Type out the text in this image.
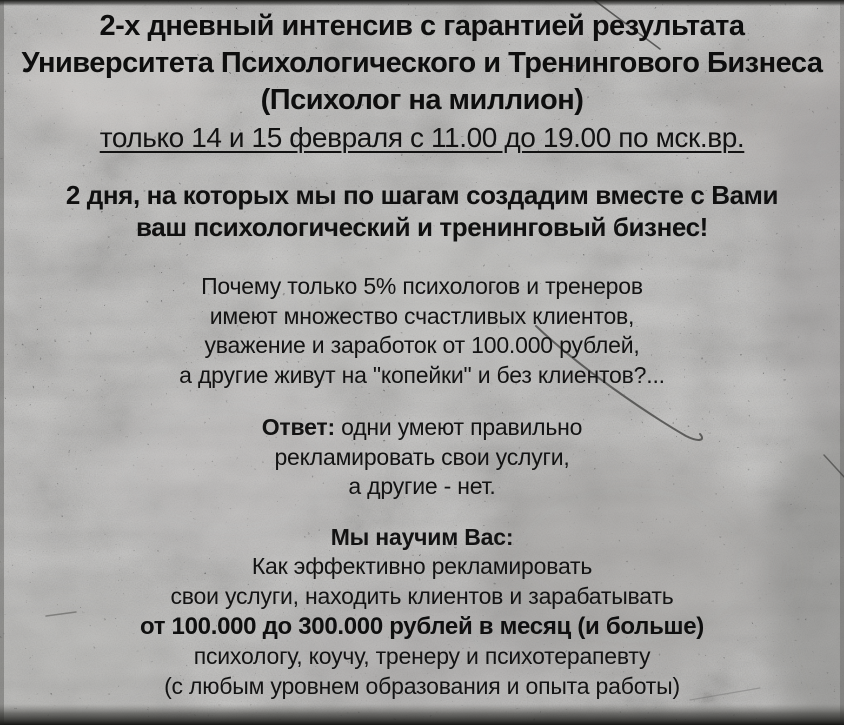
2-х дневный интенсив с гарантией результата
Университета Психологического и Тренингового Бизнеса
(Психолог на миллион)
только 14 и 15 февраля с 11.00 до 19.00 по мск.вр.
2 дня, на которых мы по шагам создадим вместе с Вами
ваш психологический и тренинговый бизнес!
Почему только 5% психологов и тренеров
имеют множество счастливых клиентов,
уважение и заработок от 100.000 рублей,
а другие живут на "копейки" и без клиентов?...
Ответ: одни умеют правильно
рекламировать свои услуги,
а другие - нет.
Мы научим Вас:
Как эффективно рекламировать
свои услуги, находить клиентов и зарабатывать
от 100.000 до 300.000 рублей в месяц (и больше)
психологу, коучу, тренеру и психотерапевту
(с любым уровнем образования и опыта работы)
